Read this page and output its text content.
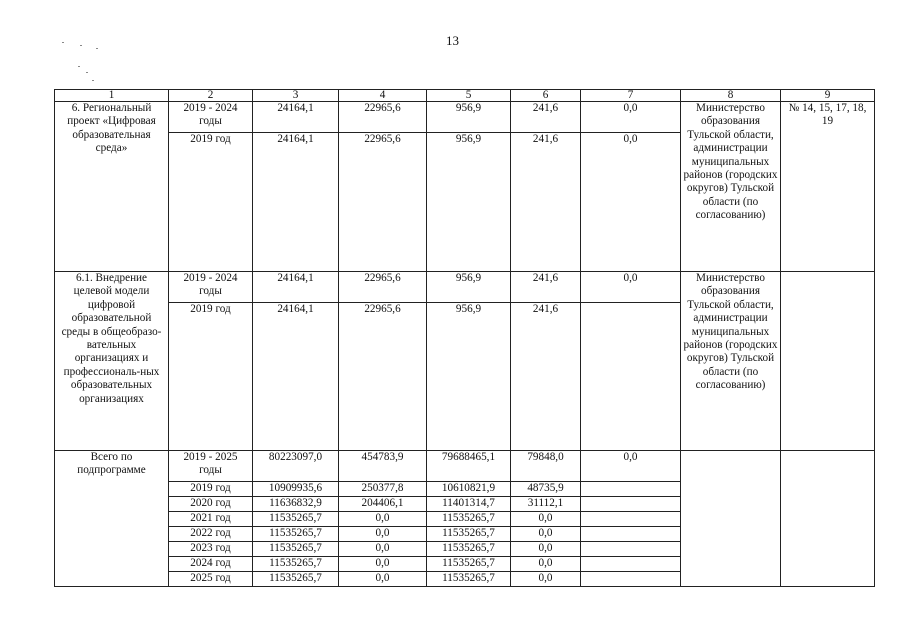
13
1	2	3	4	5	6	7	8	9
6. Региональный проект «Цифровая образовательная среда»	2019 - 2024 годы	24164,1	22965,6	956,9	241,6	0,0	Министерство образования Тульской области, администрации муниципальных районов (городских округов) Тульской области (по согласованию)	№ 14, 15, 17, 18, 19
	2019 год	24164,1	22965,6	956,9	241,6	0,0		
6.1. Внедрение целевой модели цифровой образовательной среды в общеобразо-вательных организациях и профессиональ-ных образовательных организациях	2019 - 2024 годы	24164,1	22965,6	956,9	241,6	0,0	Министерство образования Тульской области, администрации муниципальных районов (городских округов) Тульской области (по согласованию)	
	2019 год	24164,1	22965,6	956,9	241,6			
Всего по подпрограмме	2019 - 2025 годы	80223097,0	454783,9	79688465,1	79848,0	0,0		
	2019 год	10909935,6	250377,8	10610821,9	48735,9			
	2020 год	11636832,9	204406,1	11401314,7	31112,1			
	2021 год	11535265,7	0,0	11535265,7	0,0			
	2022 год	11535265,7	0,0	11535265,7	0,0			
	2023 год	11535265,7	0,0	11535265,7	0,0			
	2024 год	11535265,7	0,0	11535265,7	0,0			
	2025 год	11535265,7	0,0	11535265,7	0,0			
